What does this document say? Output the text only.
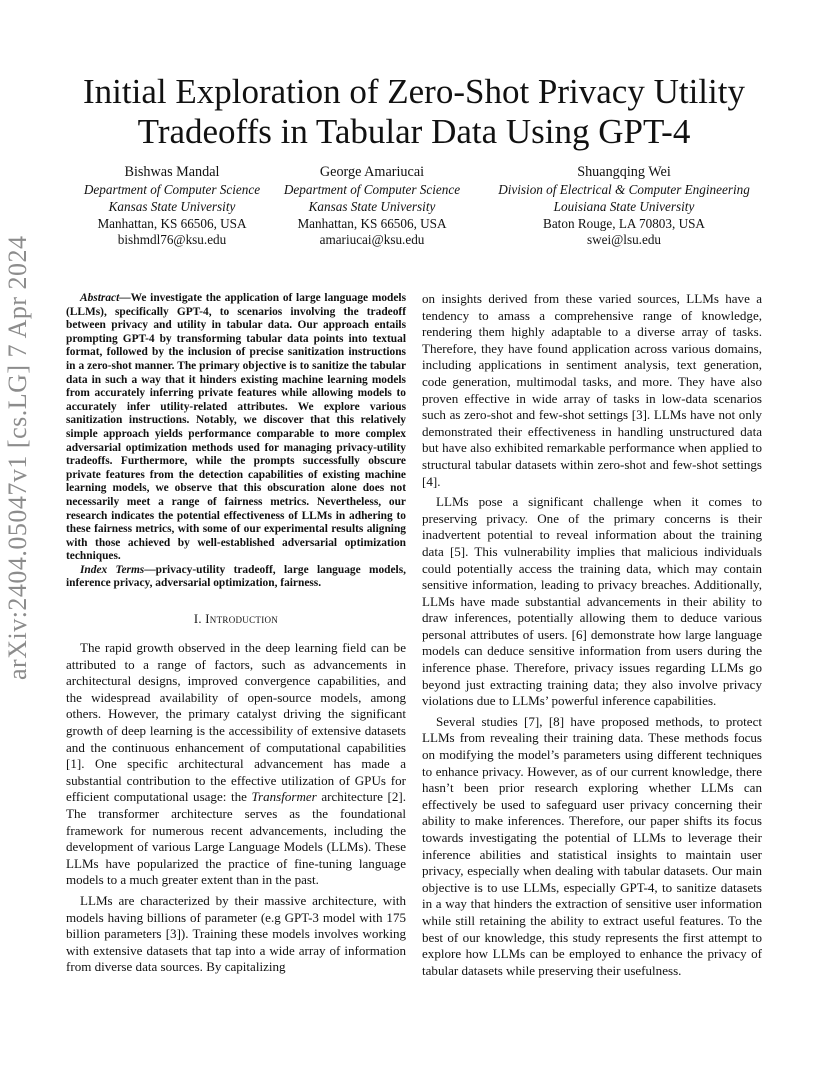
arXiv:2404.05047v1 [cs.LG] 7 Apr 2024
Initial Exploration of Zero-Shot Privacy Utility Tradeoffs in Tabular Data Using GPT-4
Bishwas Mandal
Department of Computer Science
Kansas State University
Manhattan, KS 66506, USA
bishmdl76@ksu.edu
George Amariucai
Department of Computer Science
Kansas State University
Manhattan, KS 66506, USA
amariucai@ksu.edu
Shuangqing Wei
Division of Electrical & Computer Engineering
Louisiana State University
Baton Rouge, LA 70803, USA
swei@lsu.edu

Abstract—We investigate the application of large language models (LLMs), specifically GPT-4, to scenarios involving the tradeoff between privacy and utility in tabular data. Our approach entails prompting GPT-4 by transforming tabular data points into textual format, followed by the inclusion of precise sanitization instructions in a zero-shot manner. The primary objective is to sanitize the tabular data in such a way that it hinders existing machine learning models from accurately inferring private features while allowing models to accurately infer utility-related attributes. We explore various sanitization instructions. Notably, we discover that this relatively simple approach yields performance comparable to more complex adversarial optimization methods used for managing privacy-utility tradeoffs. Furthermore, while the prompts successfully obscure private features from the detection capabilities of existing machine learning models, we observe that this obscuration alone does not necessarily meet a range of fairness metrics. Nevertheless, our research indicates the potential effectiveness of LLMs in adhering to these fairness metrics, with some of our experimental results aligning with those achieved by well-established adversarial optimization techniques.

Index Terms—privacy-utility tradeoff, large language models, inference privacy, adversarial optimization, fairness.

I. Introduction

The rapid growth observed in the deep learning field can be attributed to a range of factors, such as advancements in architectural designs, improved convergence capabilities, and the widespread availability of open-source models, among others. However, the primary catalyst driving the significant growth of deep learning is the accessibility of extensive datasets and the continuous enhancement of computational capabilities [1]. One specific architectural advancement has made a substantial contribution to the effective utilization of GPUs for efficient computational usage: the Transformer architecture [2]. The transformer architecture serves as the foundational framework for numerous recent advancements, including the development of various Large Language Models (LLMs). These LLMs have popularized the practice of fine-tuning language models to a much greater extent than in the past.

LLMs are characterized by their massive architecture, with models having billions of parameter (e.g GPT-3 model with 175 billion parameters [3]). Training these models involves working with extensive datasets that tap into a wide array of information from diverse data sources. By capitalizing

on insights derived from these varied sources, LLMs have a tendency to amass a comprehensive range of knowledge, rendering them highly adaptable to a diverse array of tasks. Therefore, they have found application across various domains, including applications in sentiment analysis, text generation, code generation, multimodal tasks, and more. They have also proven effective in wide array of tasks in low-data scenarios such as zero-shot and few-shot settings [3]. LLMs have not only demonstrated their effectiveness in handling unstructured data but have also exhibited remarkable performance when applied to structural tabular datasets within zero-shot and few-shot settings [4].

LLMs pose a significant challenge when it comes to preserving privacy. One of the primary concerns is their inadvertent potential to reveal information about the training data [5]. This vulnerability implies that malicious individuals could potentially access the training data, which may contain sensitive information, leading to privacy breaches. Additionally, LLMs have made substantial advancements in their ability to draw inferences, potentially allowing them to deduce various personal attributes of users. [6] demonstrate how large language models can deduce sensitive information from users during the inference phase. Therefore, privacy issues regarding LLMs go beyond just extracting training data; they also involve privacy violations due to LLMs’ powerful inference capabilities.

Several studies [7], [8] have proposed methods, to protect LLMs from revealing their training data. These methods focus on modifying the model’s parameters using different techniques to enhance privacy. However, as of our current knowledge, there hasn’t been prior research exploring whether LLMs can effectively be used to safeguard user privacy concerning their ability to make inferences. Therefore, our paper shifts its focus towards investigating the potential of LLMs to leverage their inference abilities and statistical insights to maintain user privacy, especially when dealing with tabular datasets. Our main objective is to use LLMs, especially GPT-4, to sanitize datasets in a way that hinders the extraction of sensitive user information while still retaining the ability to extract useful features. To the best of our knowledge, this study represents the first attempt to explore how LLMs can be employed to enhance the privacy of tabular datasets while preserving their usefulness.
